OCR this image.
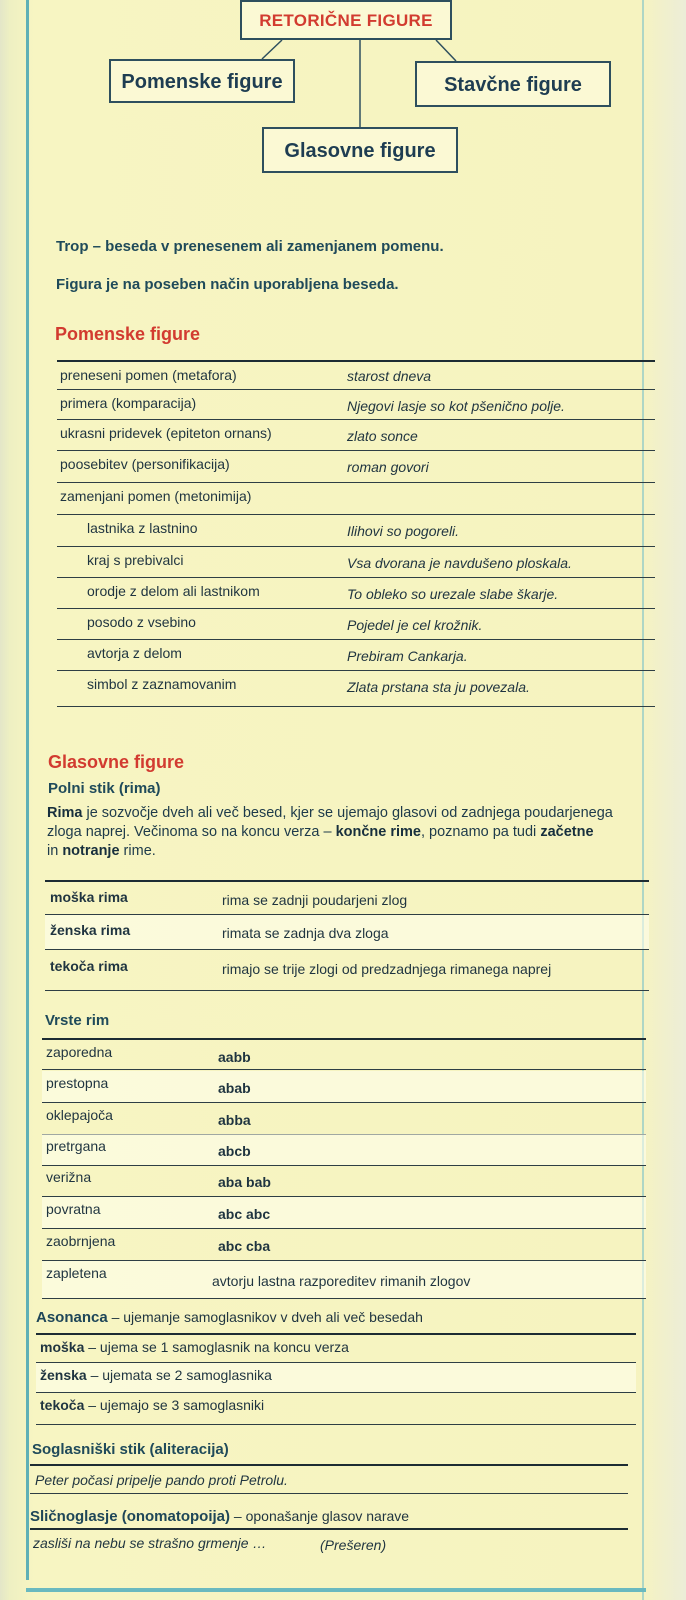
RETORIČNE FIGURE
Pomenske figure	Stavčne figure
Glasovne figure
Trop – beseda v prenesenem ali zamenjanem pomenu.
Figura je na poseben način uporabljena beseda.
Pomenske figure
preneseni pomen (metafora)	starost dneva
primera (komparacija)	Njegovi lasje so kot pšenično polje.
ukrasni pridevek (epiteton ornans)	zlato sonce
poosebitev (personifikacija)	roman govori
zamenjani pomen (metonimija)
lastnika z lastnino	Ilihovi so pogoreli.
kraj s prebivalci	Vsa dvorana je navdušeno ploskala.
orodje z delom ali lastnikom	To obleko so urezale slabe škarje.
posodo z vsebino	Pojedel je cel krožnik.
avtorja z delom	Prebiram Cankarja.
simbol z zaznamovanim	Zlata prstana sta ju povezala.
Glasovne figure
Polni stik (rima)
Rima je sozvočje dveh ali več besed, kjer se ujemajo glasovi od zadnjega poudarjenega
zloga naprej. Večinoma so na koncu verza – končne rime, poznamo pa tudi začetne
in notranje rime.
moška rima	rima se zadnji poudarjeni zlog
ženska rima	rimata se zadnja dva zloga
tekoča rima	rimajo se trije zlogi od predzadnjega rimanega naprej
Vrste rim
zaporedna	aabb
prestopna	abab
oklepajoča	abba
pretrgana	abcb
verižna	aba bab
povratna	abc abc
zaobrnjena	abc cba
zapletena	avtorju lastna razporeditev rimanih zlogov
Asonanca – ujemanje samoglasnikov v dveh ali več besedah
moška – ujema se 1 samoglasnik na koncu verza
ženska – ujemata se 2 samoglasnika
tekoča – ujemajo se 3 samoglasniki
Soglasniški stik (aliteracija)
Peter počasi pripelje pando proti Petrolu.
Sličnoglasje (onomatopoija) – oponašanje glasov narave
zasliši na nebu se strašno grmenje …	(Prešeren)
